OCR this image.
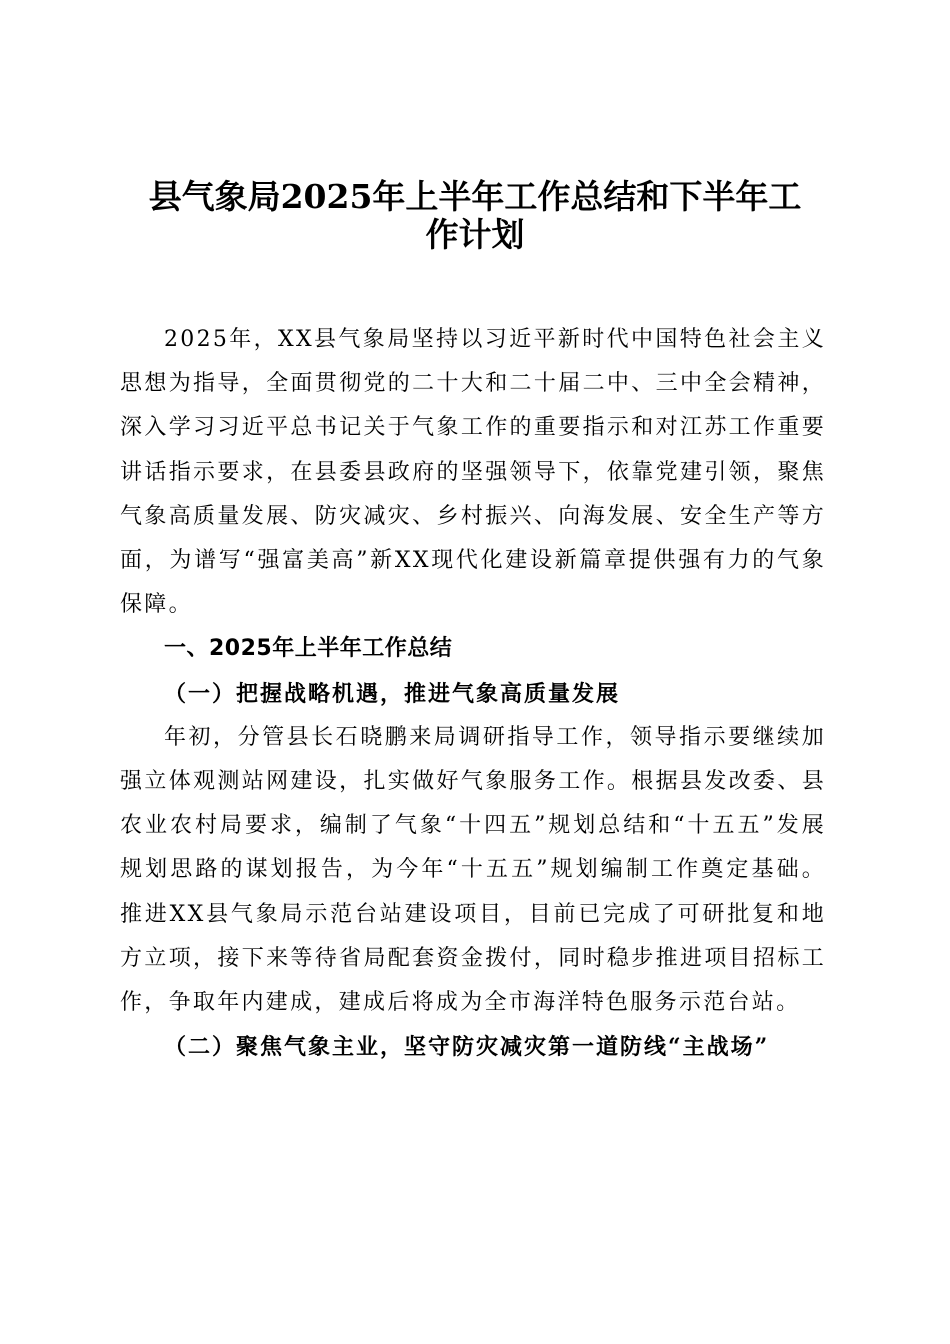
县气象局2025年上半年工作总结和下半年工
作计划

2025年，XX县气象局坚持以习近平新时代中国特色社会主义思想为指导，全面贯彻党的二十大和二十届二中、三中全会精神，深入学习习近平总书记关于气象工作的重要指示和对江苏工作重要讲话指示要求，在县委县政府的坚强领导下，依靠党建引领，聚焦气象高质量发展、防灾减灾、乡村振兴、向海发展、安全生产等方面，为谱写“强富美高”新XX现代化建设新篇章提供强有力的气象保障。

一、2025年上半年工作总结

（一）把握战略机遇，推进气象高质量发展

年初，分管县长石晓鹏来局调研指导工作，领导指示要继续加强立体观测站网建设，扎实做好气象服务工作。根据县发改委、县农业农村局要求，编制了气象“十四五”规划总结和“十五五”发展规划思路的谋划报告，为今年“十五五”规划编制工作奠定基础。推进XX县气象局示范台站建设项目，目前已完成了可研批复和地方立项，接下来等待省局配套资金拨付，同时稳步推进项目招标工作，争取年内建成，建成后将成为全市海洋特色服务示范台站。

（二）聚焦气象主业，坚守防灾减灾第一道防线“主战场”
